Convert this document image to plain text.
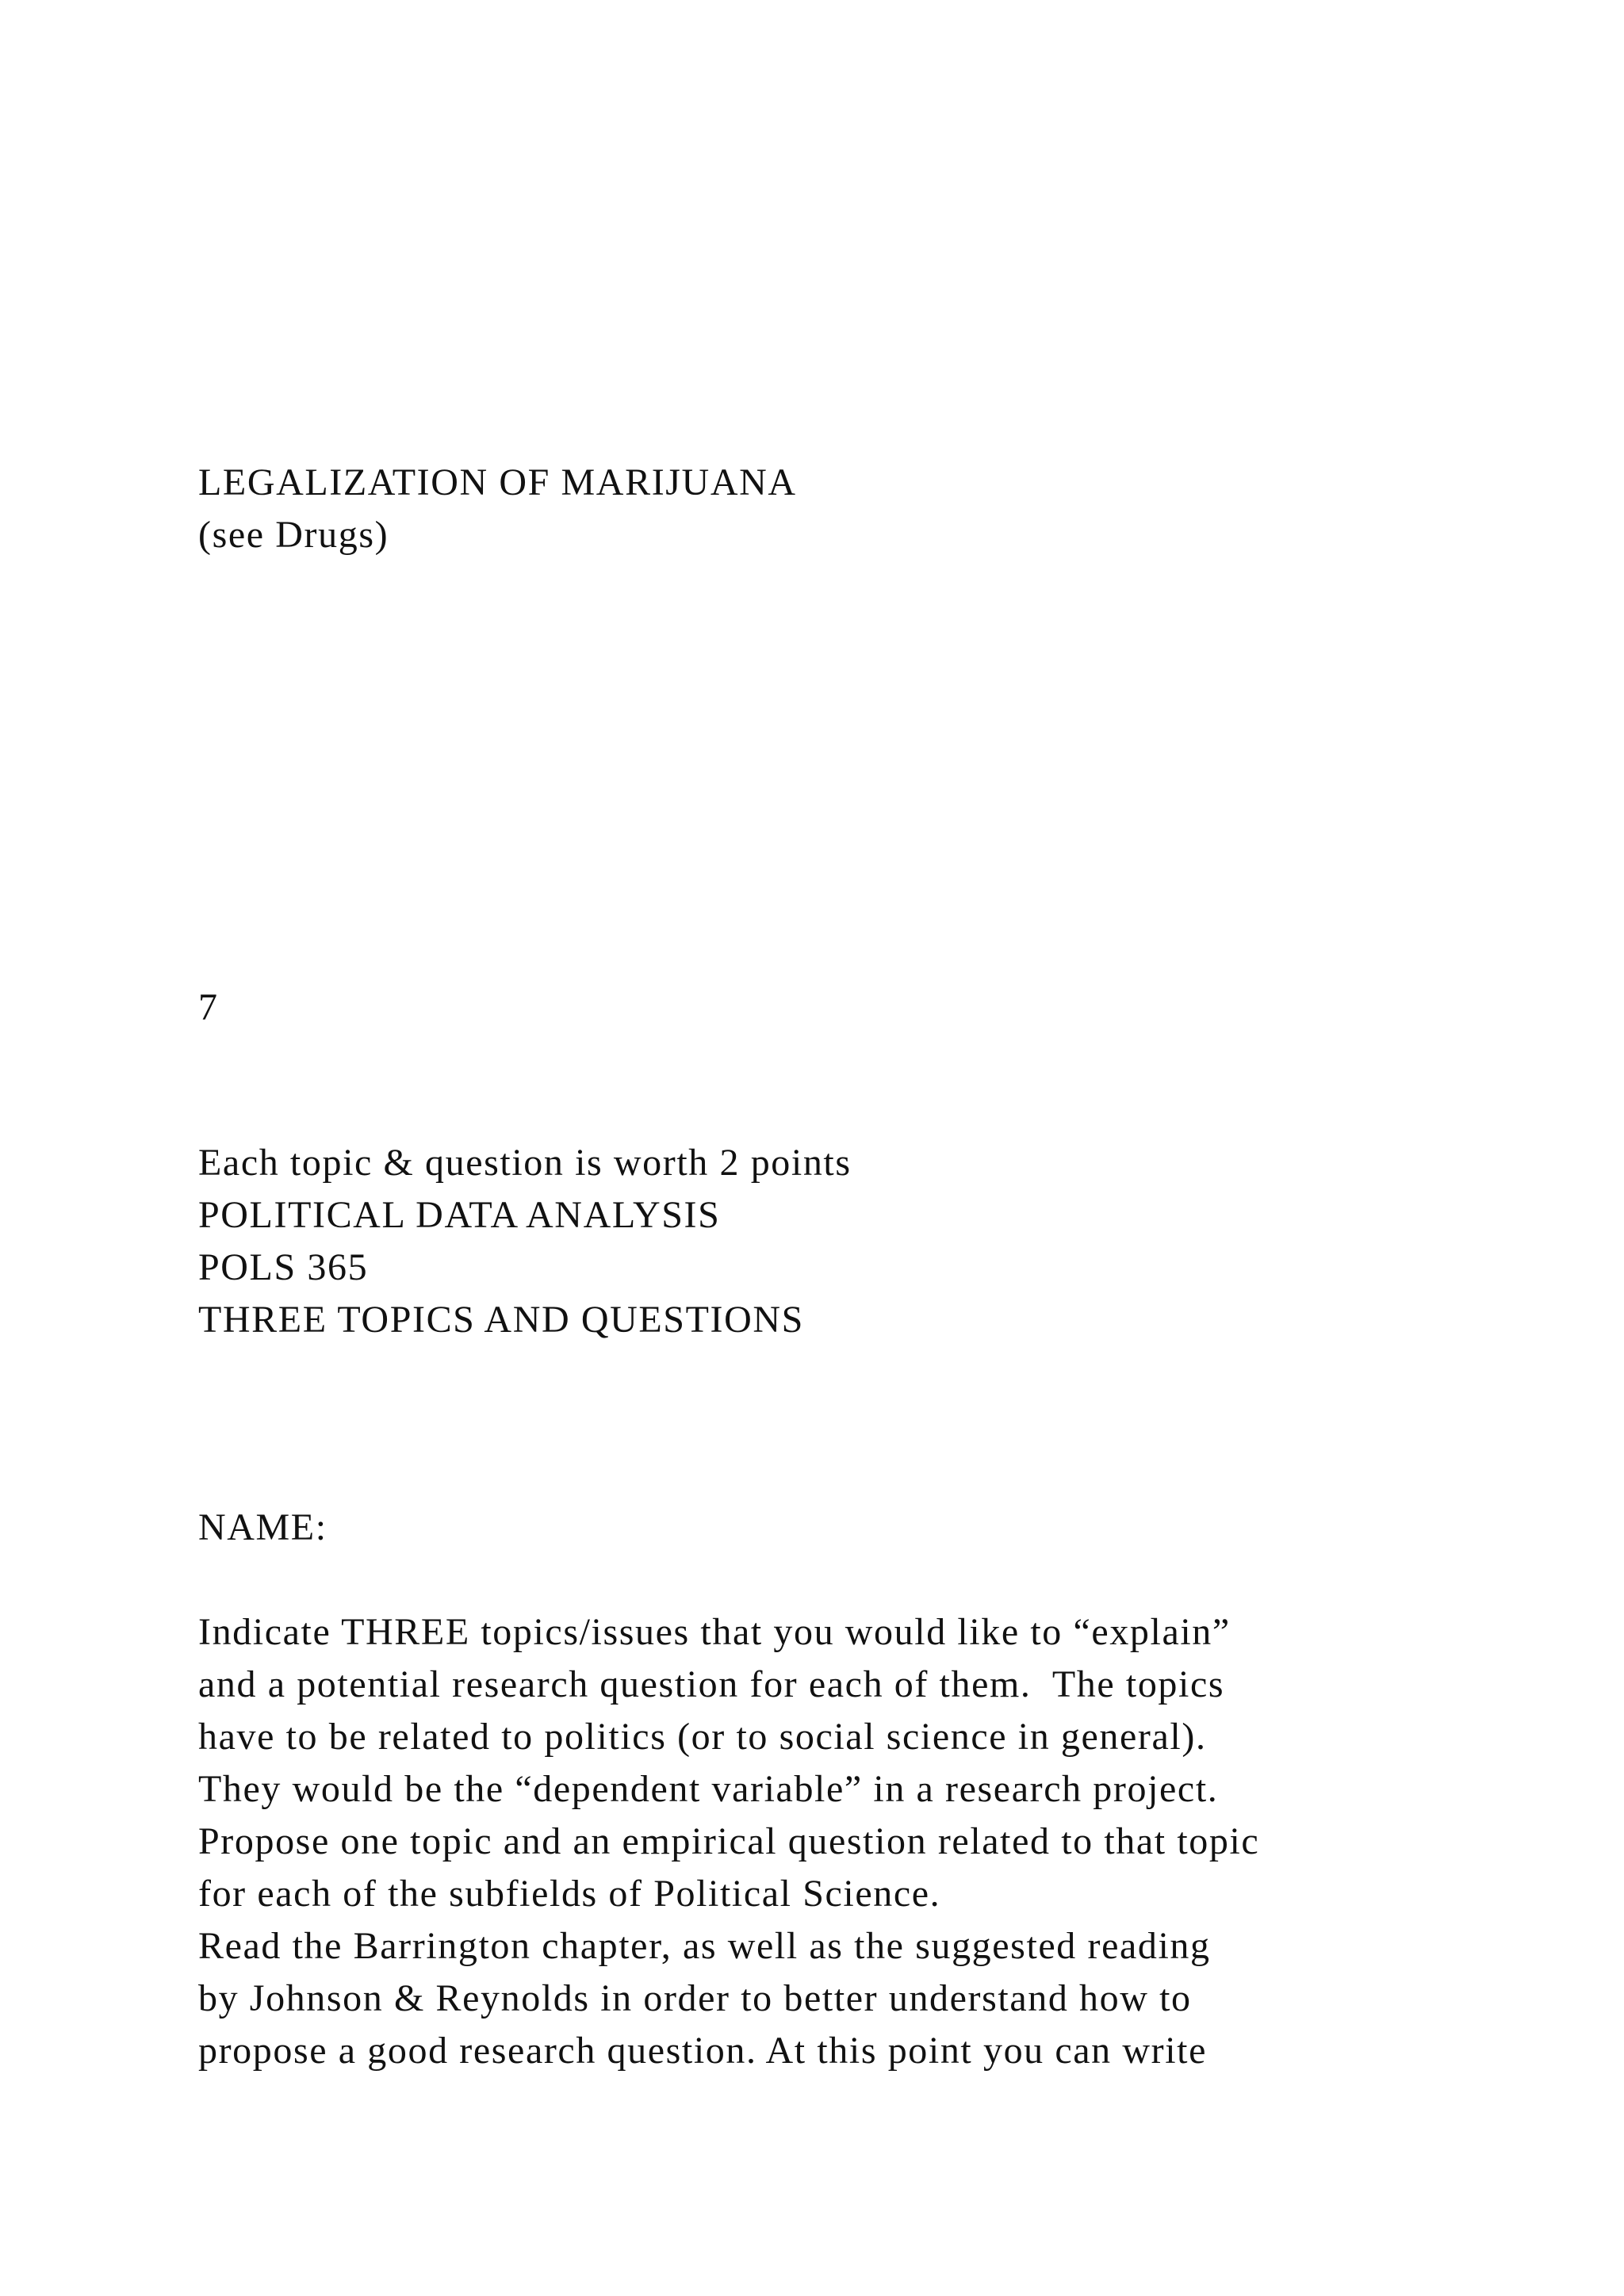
LEGALIZATION OF MARIJUANA

(see Drugs)

7

Each topic & question is worth 2 points

POLITICAL DATA ANALYSIS

POLS 365

THREE TOPICS AND QUESTIONS

NAME:

Indicate THREE topics/issues that you would like to “explain”

and a potential research question for each of them.  The topics

have to be related to politics (or to social science in general).

They would be the “dependent variable” in a research project.

Propose one topic and an empirical question related to that topic

for each of the subfields of Political Science.

Read the Barrington chapter, as well as the suggested reading

by Johnson & Reynolds in order to better understand how to

propose a good research question. At this point you can write
